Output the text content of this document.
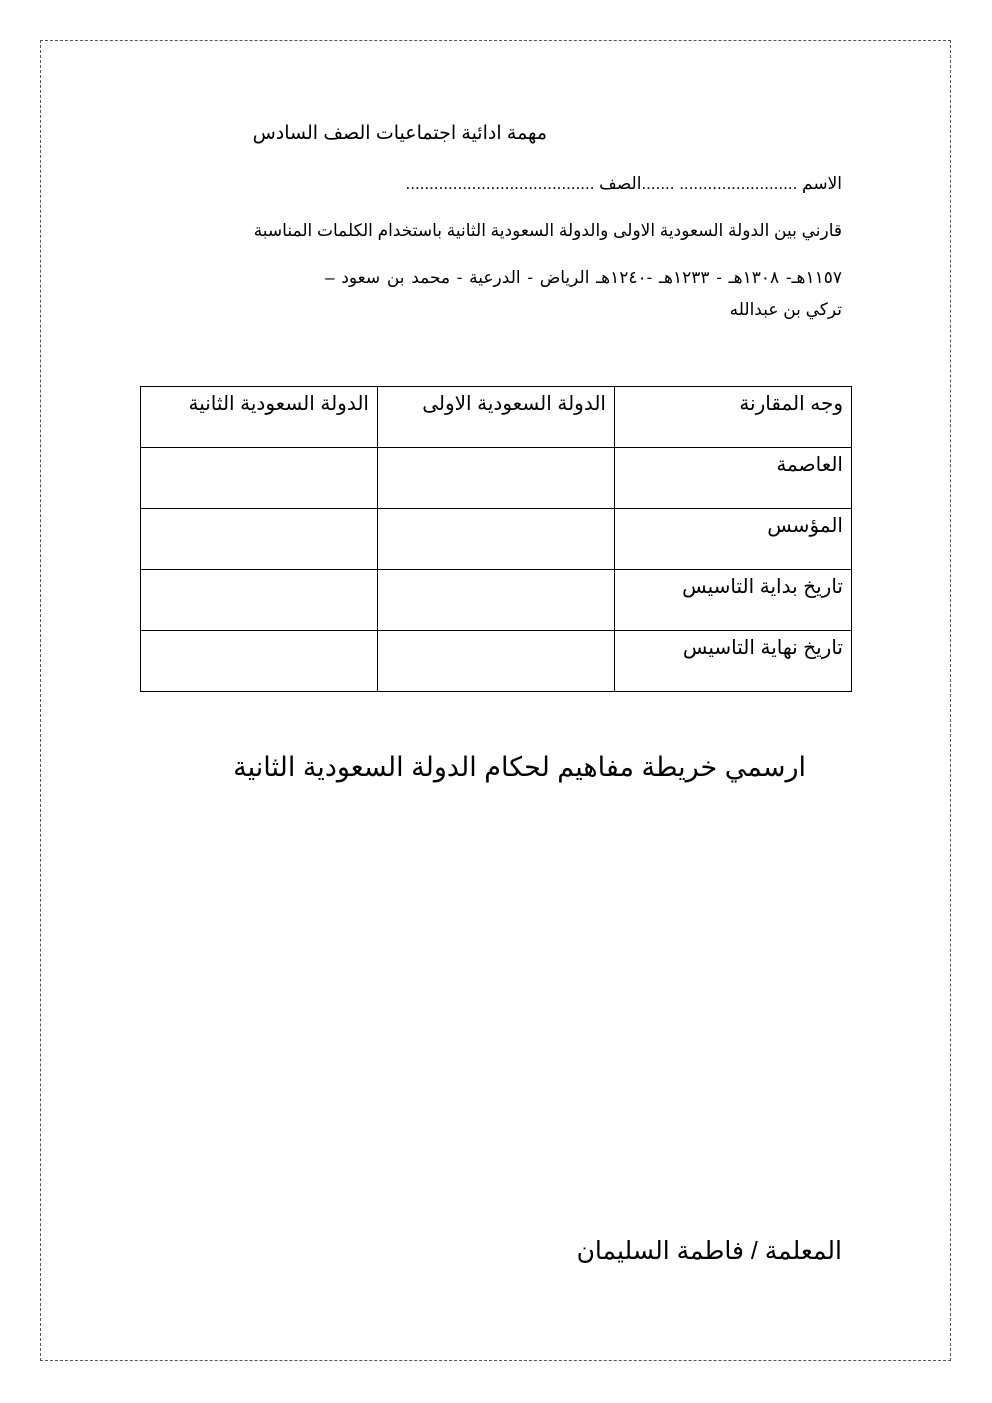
مهمة ادائية اجتماعيات الصف السادس
الاسم ......................... .......الصف ........................................
قارني بين الدولة السعودية الاولى والدولة السعودية الثانية باستخدام الكلمات المناسبة
١١٥٧هـ- ١٣٠٨هـ - ١٢٣٣هـ -١٢٤٠هـ الرياض - الدرعية - محمد بن سعود –
تركي بن عبدالله
وجه المقارنة	الدولة السعودية الاولى	الدولة السعودية الثانية
العاصمة		
المؤسس		
تاريخ بداية التاسيس		
تاريخ نهاية التاسيس		
ارسمي خريطة مفاهيم لحكام الدولة السعودية الثانية
المعلمة / فاطمة السليمان
